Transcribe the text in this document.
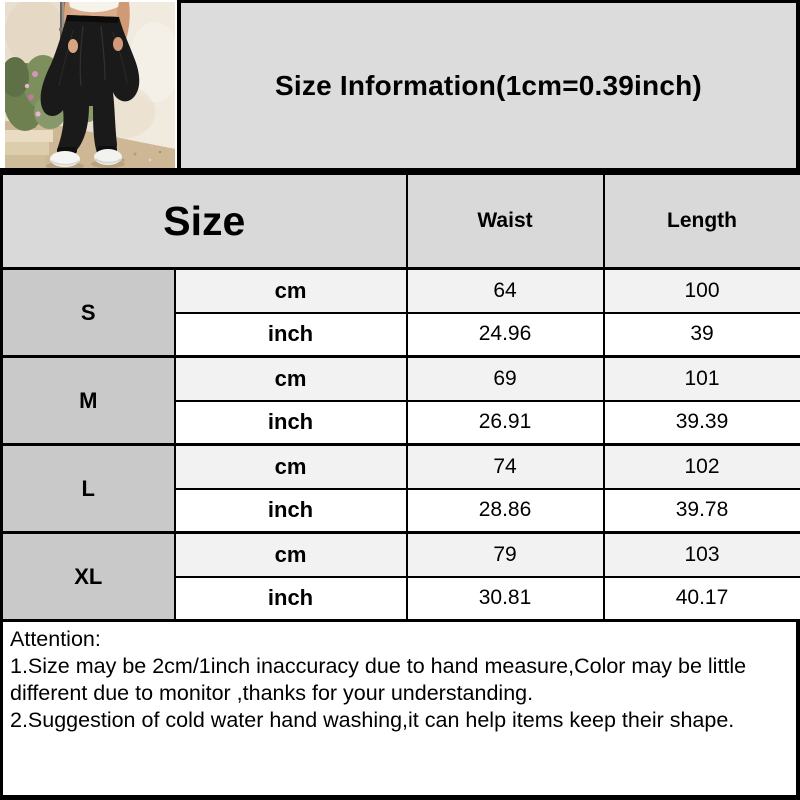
Size Information(1cm=0.39inch)
Size		Waist	Length
S	cm	64	100
	inch	24.96	39
M	cm	69	101
	inch	26.91	39.39
L	cm	74	102
	inch	28.86	39.78
XL	cm	79	103
	inch	30.81	40.17
Attention:
1.Size may be 2cm/1inch inaccuracy due to hand measure,Color may be little different due to monitor ,thanks for your understanding.
2.Suggestion of cold water hand washing,it can help items keep their shape.
